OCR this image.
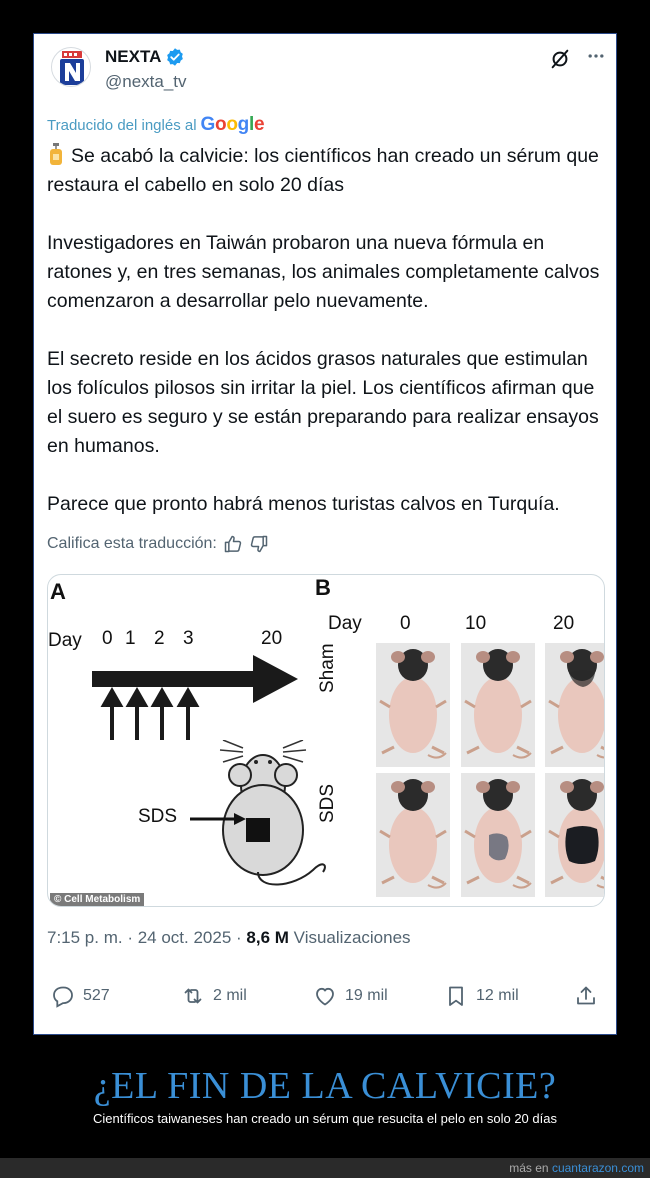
NEXTA
@nexta_tv
Traducido del inglés al Google

Se acabó la calvicie: los científicos han creado un sérum que restaura el cabello en solo 20 días

Investigadores en Taiwán probaron una nueva fórmula en ratones y, en tres semanas, los animales completamente calvos comenzaron a desarrollar pelo nuevamente.

El secreto reside en los ácidos grasos naturales que estimulan los folículos pilosos sin irritar la piel. Los científicos afirman que el suero es seguro y se están preparando para realizar ensayos en humanos.

Parece que pronto habrá menos turistas calvos en Turquía.

Califica esta traducción:
A
Day 0 1 2 3	20
SDS
© Cell Metabolism
B
Day 0	10	20
Sham
SDS
7:15 p. m. · 24 oct. 2025 · 8,6 M Visualizaciones
527	2 mil	19 mil	12 mil
¿EL FIN DE LA CALVICIE?
Científicos taiwaneses han creado un sérum que resucita el pelo en solo 20 días
más en cuantarazon.com
